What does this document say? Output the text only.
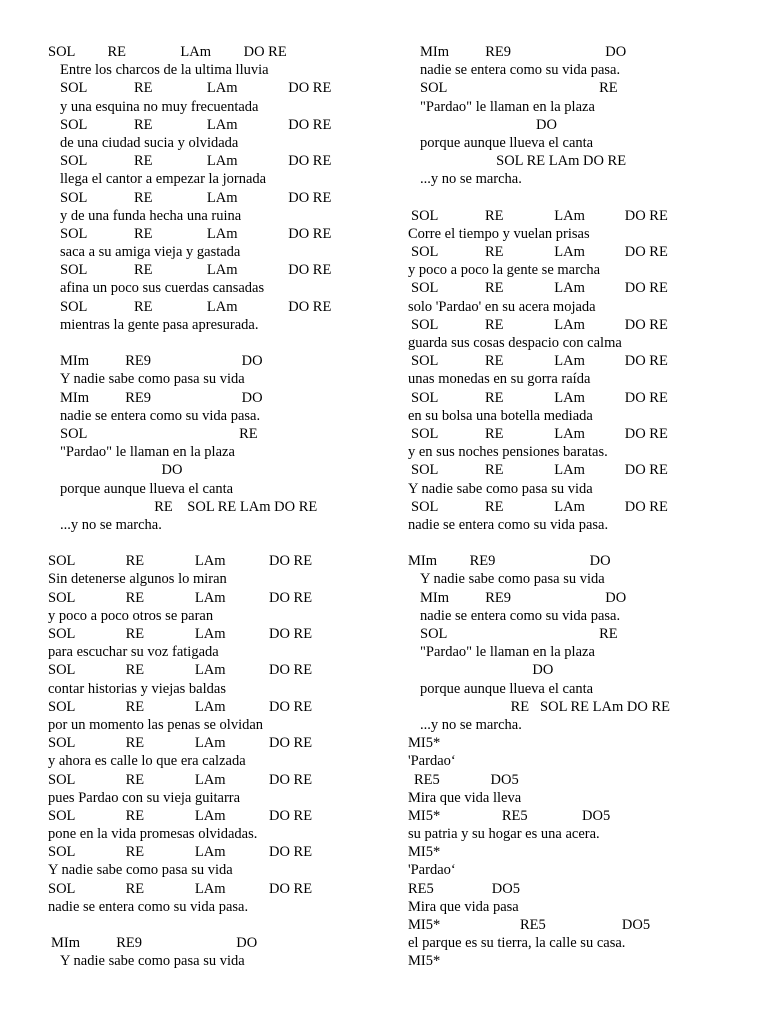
SOL         RE               LAm         DO RE
Entre los charcos de la ultima lluvia
SOL             RE               LAm              DO RE
y una esquina no muy frecuentada
SOL             RE               LAm              DO RE
de una ciudad sucia y olvidada
SOL             RE               LAm              DO RE
llega el cantor a empezar la jornada
SOL             RE               LAm              DO RE
y de una funda hecha una ruina
SOL             RE               LAm              DO RE
saca a su amiga vieja y gastada
SOL             RE               LAm              DO RE
afina un poco sus cuerdas cansadas
SOL             RE               LAm              DO RE
mientras la gente pasa apresurada.
MIm          RE9                         DO
Y nadie sabe como pasa su vida
MIm          RE9                         DO
nadie se entera como su vida pasa.
SOL                                          RE
"Pardao" le llaman en la plaza
DO
porque aunque llueva el canta
RE    SOL RE LAm DO RE
...y no se marcha.
SOL              RE              LAm            DO RE
Sin detenerse algunos lo miran
SOL              RE              LAm            DO RE
y poco a poco otros se paran
SOL              RE              LAm            DO RE
para escuchar su voz fatigada
SOL              RE              LAm            DO RE
contar historias y viejas baldas
SOL              RE              LAm            DO RE
por un momento las penas se olvidan
SOL              RE              LAm            DO RE
y ahora es calle lo que era calzada
SOL              RE              LAm            DO RE
pues Pardao con su vieja guitarra
SOL              RE              LAm            DO RE
pone en la vida promesas olvidadas.
SOL              RE              LAm            DO RE
Y nadie sabe como pasa su vida
SOL              RE              LAm            DO RE
nadie se entera como su vida pasa.
MIm          RE9                          DO
Y nadie sabe como pasa su vida
MIm          RE9                          DO
nadie se entera como su vida pasa.
SOL                                          RE
"Pardao" le llaman en la plaza
DO
porque aunque llueva el canta
SOL RE LAm DO RE
...y no se marcha.
SOL             RE              LAm           DO RE
Corre el tiempo y vuelan prisas
SOL             RE              LAm           DO RE
y poco a poco la gente se marcha
SOL             RE              LAm           DO RE
solo 'Pardao' en su acera mojada
SOL             RE              LAm           DO RE
guarda sus cosas despacio con calma
SOL             RE              LAm           DO RE
unas monedas en su gorra raída
SOL             RE              LAm           DO RE
en su bolsa una botella mediada
SOL             RE              LAm           DO RE
y en sus noches pensiones baratas.
SOL             RE              LAm           DO RE
Y nadie sabe como pasa su vida
SOL             RE              LAm           DO RE
nadie se entera como su vida pasa.
MIm         RE9                          DO
Y nadie sabe como pasa su vida
MIm          RE9                          DO
nadie se entera como su vida pasa.
SOL                                          RE
"Pardao" le llaman en la plaza
DO
porque aunque llueva el canta
RE   SOL RE LAm DO RE
...y no se marcha.
MI5*
'Pardao‘
RE5              DO5
Mira que vida lleva
MI5*                 RE5               DO5
su patria y su hogar es una acera.
MI5*
'Pardao‘
RE5                DO5
Mira que vida pasa
MI5*                      RE5                     DO5
el parque es su tierra, la calle su casa.
MI5*
